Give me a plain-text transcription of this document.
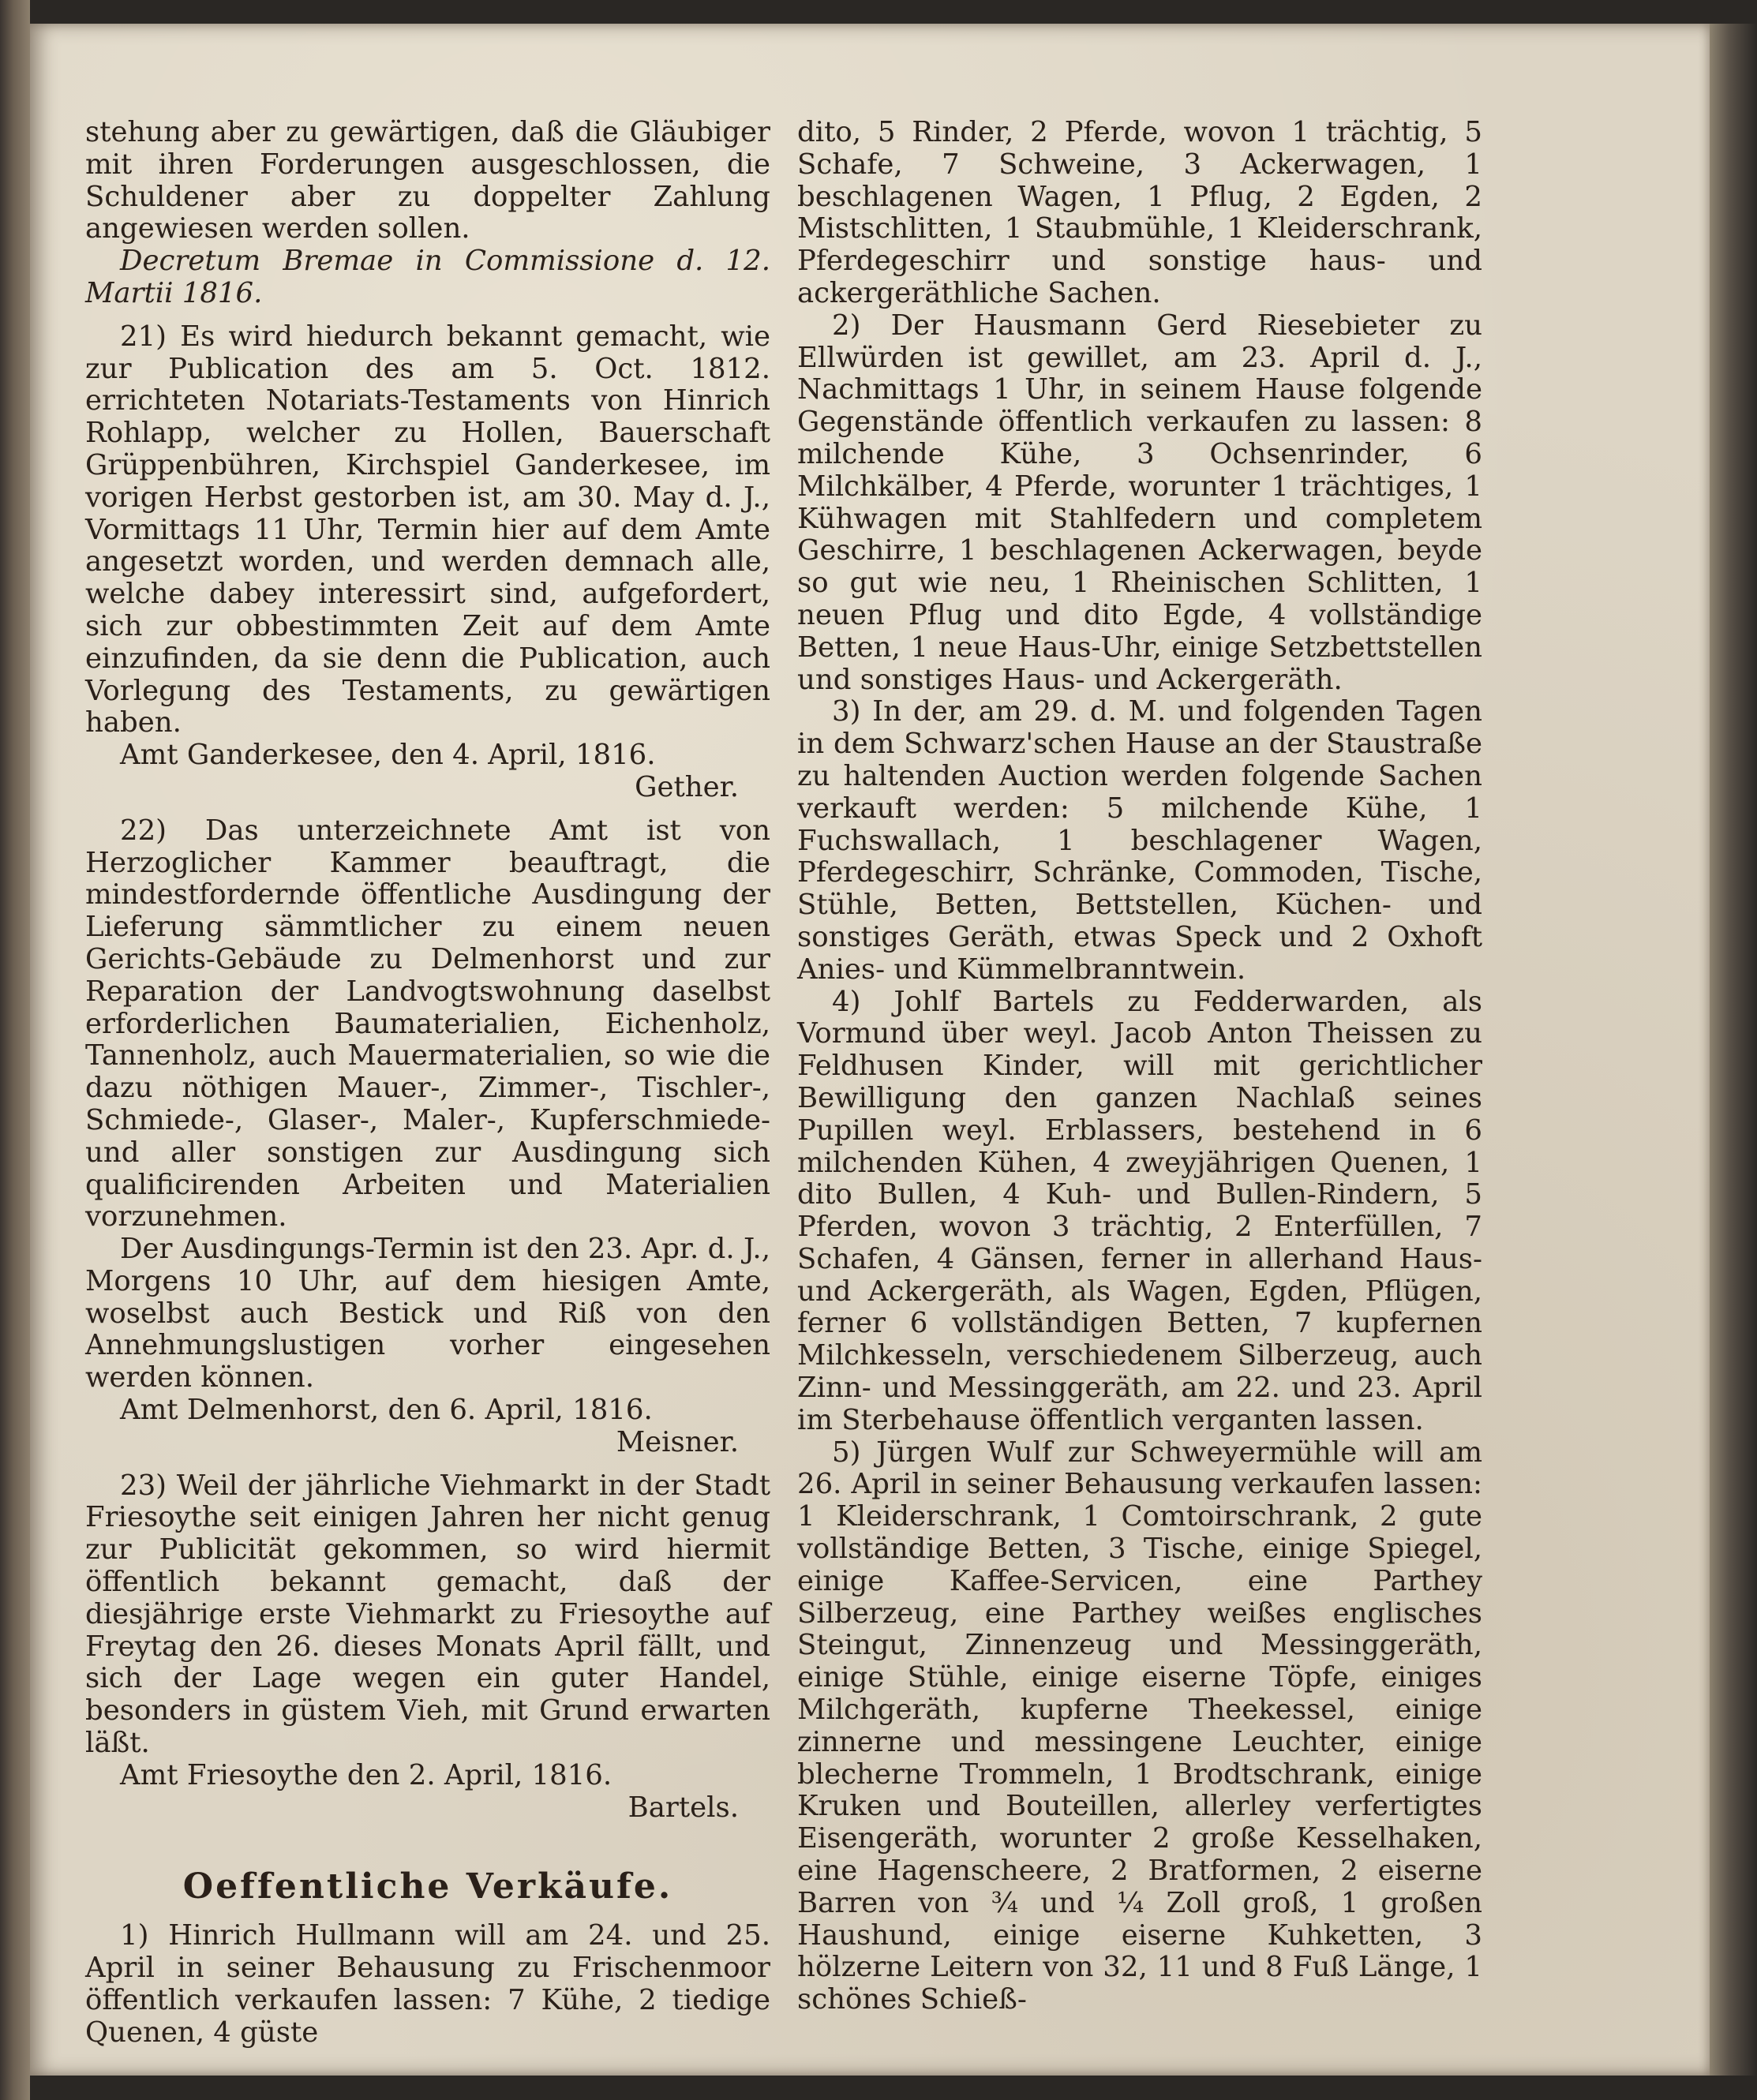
stehung aber zu gewärtigen, daß die Gläubiger mit ihren Forderungen ausgeschlossen, die Schuldener aber zu doppelter Zahlung angewiesen werden sollen.

Decretum Bremae in Commissione d. 12. Martii 1816.

21) Es wird hiedurch bekannt gemacht, wie zur Publication des am 5. Oct. 1812. errichteten Notariats-Testaments von Hinrich Rohlapp, welcher zu Hollen, Bauerschaft Grüppenbühren, Kirchspiel Ganderkesee, im vorigen Herbst gestorben ist, am 30. May d. J., Vormittags 11 Uhr, Termin hier auf dem Amte angesetzt worden, und werden demnach alle, welche dabey interessirt sind, aufgefordert, sich zur obbestimmten Zeit auf dem Amte einzufinden, da sie denn die Publication, auch Vorlegung des Testaments, zu gewärtigen haben.

Amt Ganderkesee, den 4. April, 1816.

Gether.

22) Das unterzeichnete Amt ist von Herzoglicher Kammer beauftragt, die mindestfordernde öffentliche Ausdingung der Lieferung sämmtlicher zu einem neuen Gerichts-Gebäude zu Delmenhorst und zur Reparation der Landvogtswohnung daselbst erforderlichen Baumaterialien, Eichenholz, Tannenholz, auch Mauermaterialien, so wie die dazu nöthigen Mauer-, Zimmer-, Tischler-, Schmiede-, Glaser-, Maler-, Kupferschmiede- und aller sonstigen zur Ausdingung sich qualificirenden Arbeiten und Materialien vorzunehmen.

Der Ausdingungs-Termin ist den 23. Apr. d. J., Morgens 10 Uhr, auf dem hiesigen Amte, woselbst auch Bestick und Riß von den Annehmungslustigen vorher eingesehen werden können.

Amt Delmenhorst, den 6. April, 1816.

Meisner.

23) Weil der jährliche Viehmarkt in der Stadt Friesoythe seit einigen Jahren her nicht genug zur Publicität gekommen, so wird hiermit öffentlich bekannt gemacht, daß der diesjährige erste Viehmarkt zu Friesoythe auf Freytag den 26. dieses Monats April fällt, und sich der Lage wegen ein guter Handel, besonders in güstem Vieh, mit Grund erwarten läßt.

Amt Friesoythe den 2. April, 1816.

Bartels.

Oeffentliche Verkäufe.

1) Hinrich Hullmann will am 24. und 25. April in seiner Behausung zu Frischenmoor öffentlich verkaufen lassen: 7 Kühe, 2 tiedige Quenen, 4 güste

dito, 5 Rinder, 2 Pferde, wovon 1 trächtig, 5 Schafe, 7 Schweine, 3 Ackerwagen, 1 beschlagenen Wagen, 1 Pflug, 2 Egden, 2 Mistschlitten, 1 Staubmühle, 1 Kleiderschrank, Pferdegeschirr und sonstige haus- und ackergeräthliche Sachen.

2) Der Hausmann Gerd Riesebieter zu Ellwürden ist gewillet, am 23. April d. J., Nachmittags 1 Uhr, in seinem Hause folgende Gegenstände öffentlich verkaufen zu lassen: 8 milchende Kühe, 3 Ochsenrinder, 6 Milchkälber, 4 Pferde, worunter 1 trächtiges, 1 Kühwagen mit Stahlfedern und completem Geschirre, 1 beschlagenen Ackerwagen, beyde so gut wie neu, 1 Rheinischen Schlitten, 1 neuen Pflug und dito Egde, 4 vollständige Betten, 1 neue Haus-Uhr, einige Setzbettstellen und sonstiges Haus- und Ackergeräth.

3) In der, am 29. d. M. und folgenden Tagen in dem Schwarz'schen Hause an der Staustraße zu haltenden Auction werden folgende Sachen verkauft werden: 5 milchende Kühe, 1 Fuchswallach, 1 beschlagener Wagen, Pferdegeschirr, Schränke, Commoden, Tische, Stühle, Betten, Bettstellen, Küchen- und sonstiges Geräth, etwas Speck und 2 Oxhoft Anies- und Kümmelbranntwein.

4) Johlf Bartels zu Fedderwarden, als Vormund über weyl. Jacob Anton Theissen zu Feldhusen Kinder, will mit gerichtlicher Bewilligung den ganzen Nachlaß seines Pupillen weyl. Erblassers, bestehend in 6 milchenden Kühen, 4 zweyjährigen Quenen, 1 dito Bullen, 4 Kuh- und Bullen-Rindern, 5 Pferden, wovon 3 trächtig, 2 Enterfüllen, 7 Schafen, 4 Gänsen, ferner in allerhand Haus- und Ackergeräth, als Wagen, Egden, Pflügen, ferner 6 vollständigen Betten, 7 kupfernen Milchkesseln, verschiedenem Silberzeug, auch Zinn- und Messinggeräth, am 22. und 23. April im Sterbehause öffentlich verganten lassen.

5) Jürgen Wulf zur Schweyermühle will am 26. April in seiner Behausung verkaufen lassen: 1 Kleiderschrank, 1 Comtoirschrank, 2 gute vollständige Betten, 3 Tische, einige Spiegel, einige Kaffee-Servicen, eine Parthey Silberzeug, eine Parthey weißes englisches Steingut, Zinnenzeug und Messinggeräth, einige Stühle, einige eiserne Töpfe, einiges Milchgeräth, kupferne Theekessel, einige zinnerne und messingene Leuchter, einige blecherne Trommeln, 1 Brodtschrank, einige Kruken und Bouteillen, allerley verfertigtes Eisengeräth, worunter 2 große Kesselhaken, eine Hagenscheere, 2 Bratformen, 2 eiserne Barren von ¾ und ¼ Zoll groß, 1 großen Haushund, einige eiserne Kuhketten, 3 hölzerne Leitern von 32, 11 und 8 Fuß Länge, 1 schönes Schieß-
